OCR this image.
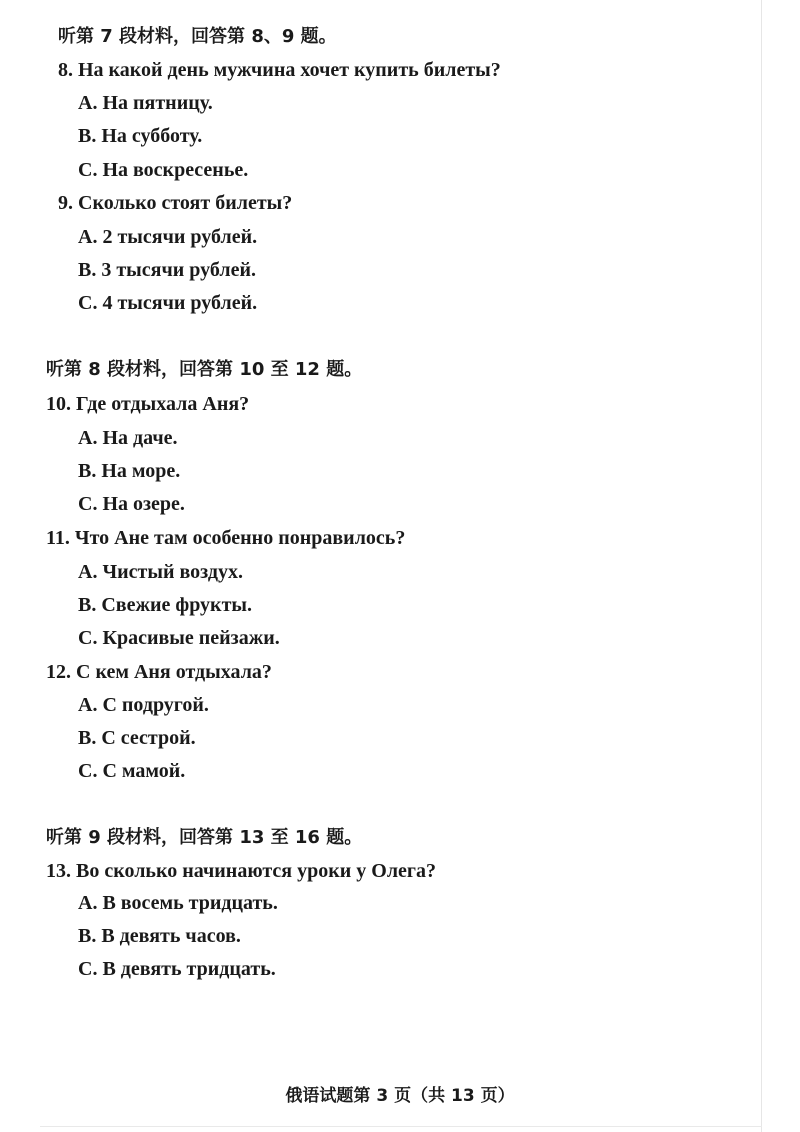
听第 7 段材料，回答第 8、9 题。
8. На какой день мужчина хочет купить билеты?
A. На пятницу.
B. На субботу.
C. На воскресенье.
9. Сколько стоят билеты?
A. 2 тысячи рублей.
B. 3 тысячи рублей.
C. 4 тысячи рублей.
听第 8 段材料，回答第 10 至 12 题。
10. Где отдыхала Аня?
A. На даче.
B. На море.
C. На озере.
11. Что Ане там особенно понравилось?
A. Чистый воздух.
B. Свежие фрукты.
C. Красивые пейзажи.
12. С кем Аня отдыхала?
A. С подругой.
B. С сестрой.
C. С мамой.
听第 9 段材料，回答第 13 至 16 题。
13. Во сколько начинаются уроки у Олега?
A. В восемь тридцать.
B. В девять часов.
C. В девять тридцать.
俄语试题第 3 页（共 13 页）
